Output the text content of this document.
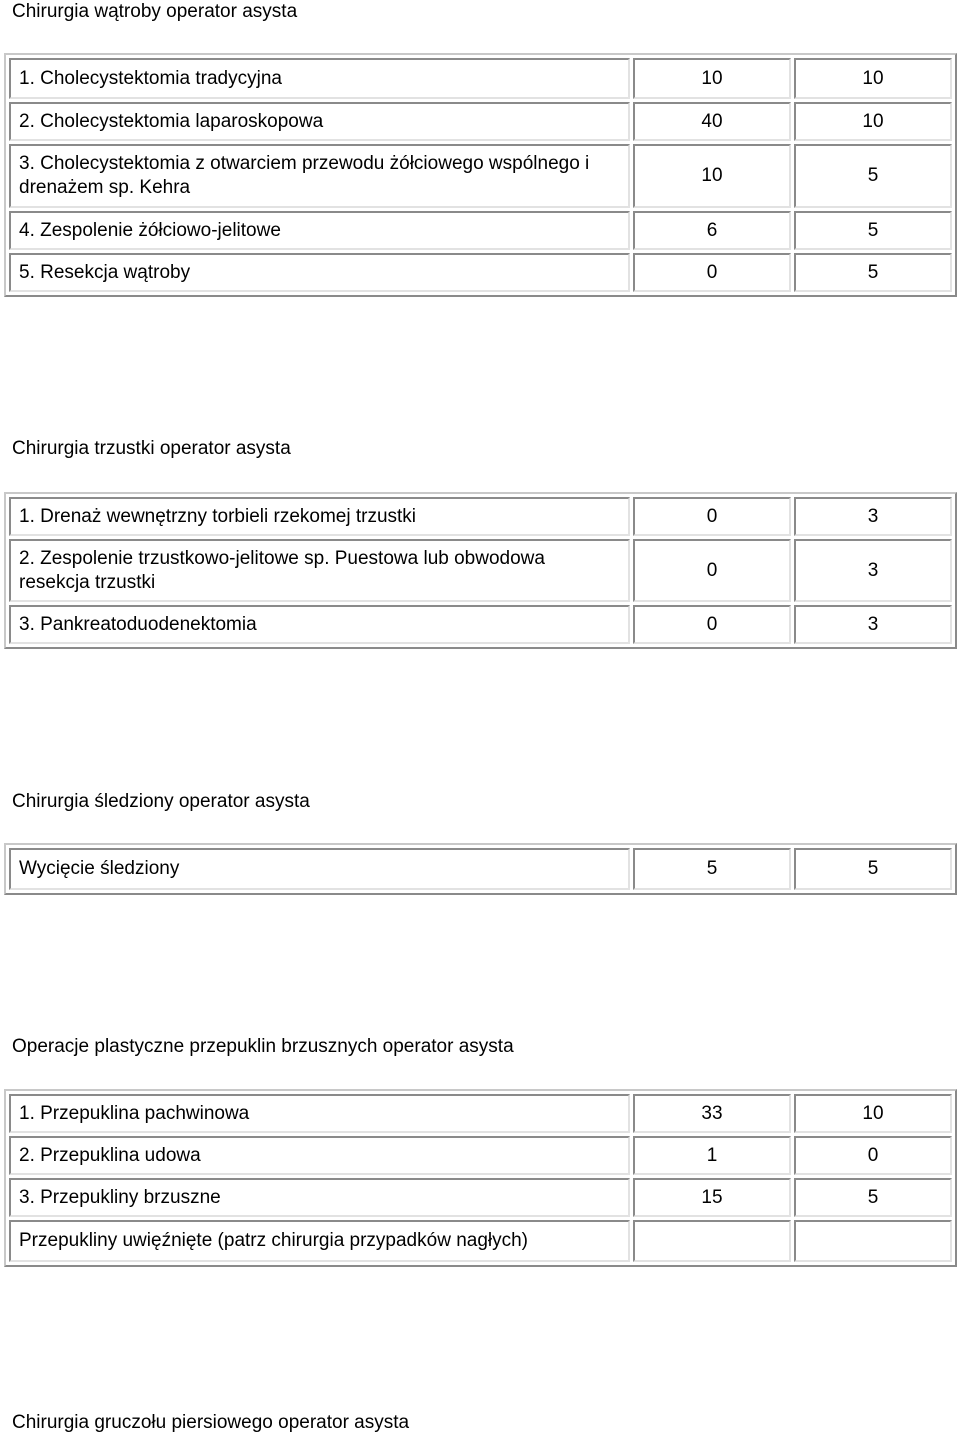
Chirurgia wątroby operator asysta
1. Cholecystektomia tradycyjna	10	10
2. Cholecystektomia laparoskopowa	40	10
3. Cholecystektomia z otwarciem przewodu żółciowego wspólnego i drenażem sp. Kehra	10	5
4. Zespolenie żółciowo-jelitowe	6	5
5. Resekcja wątroby	0	5
Chirurgia trzustki operator asysta
1. Drenaż wewnętrzny torbieli rzekomej trzustki	0	3
2. Zespolenie trzustkowo-jelitowe sp. Puestowa lub obwodowa resekcja trzustki	0	3
3. Pankreatoduodenektomia	0	3
Chirurgia śledziony operator asysta
Wycięcie śledziony	5	5
Operacje plastyczne przepuklin brzusznych operator asysta
1. Przepuklina pachwinowa	33	10
2. Przepuklina udowa	1	0
3. Przepukliny brzuszne	15	5
Przepukliny uwięźnięte (patrz chirurgia przypadków nagłych)		
Chirurgia gruczołu piersiowego operator asysta
